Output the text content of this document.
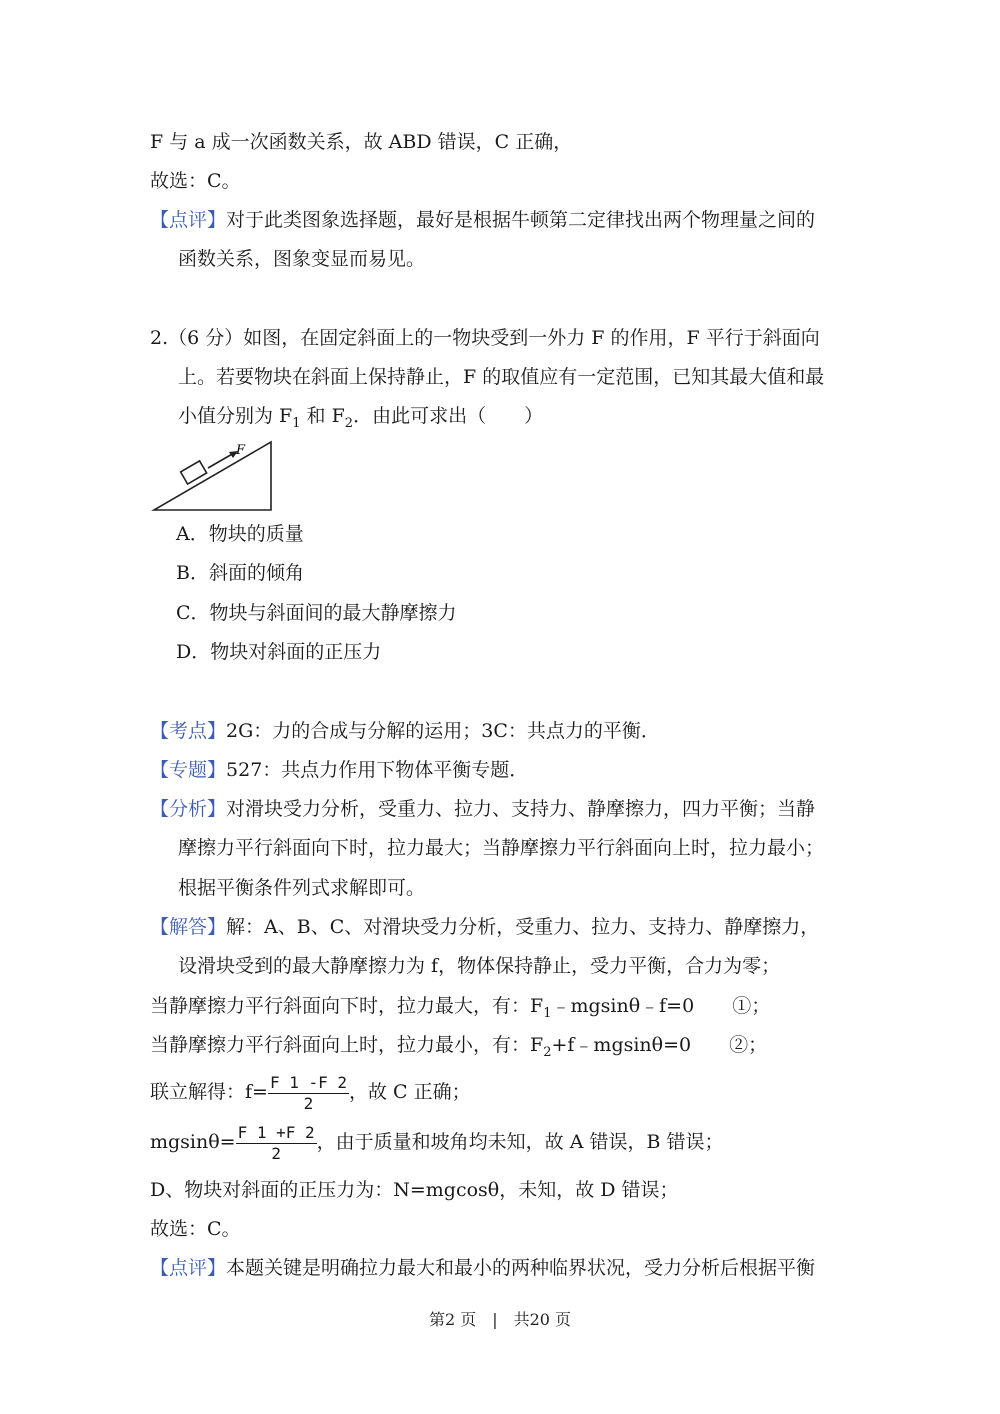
F 与 a 成一次函数关系，故 ABD 错误，C 正确，
故选：C。
【点评】对于此类图象选择题，最好是根据牛顿第二定律找出两个物理量之间的
函数关系，图象变显而易见。
2.（6 分）如图，在固定斜面上的一物块受到一外力 F 的作用，F 平行于斜面向
上。若要物块在斜面上保持静止，F 的取值应有一定范围，已知其最大值和最
小值分别为 $F_1$ 和 $F_2$．由此可求出（　　）
F
A．物块的质量
B．斜面的倾角
C．物块与斜面间的最大静摩擦力
D．物块对斜面的正压力
【考点】2G：力的合成与分解的运用；3C：共点力的平衡．
【专题】527：共点力作用下物体平衡专题．
【分析】对滑块受力分析，受重力、拉力、支持力、静摩擦力，四力平衡；当静
摩擦力平行斜面向下时，拉力最大；当静摩擦力平行斜面向上时，拉力最小；
根据平衡条件列式求解即可。
【解答】解：A、B、C、对滑块受力分析，受重力、拉力、支持力、静摩擦力，
设滑块受到的最大静摩擦力为 f，物体保持静止，受力平衡，合力为零；
当静摩擦力平行斜面向下时，拉力最大，有：$F_1﹣mgsin\theta﹣f=0$　　①；
当静摩擦力平行斜面向上时，拉力最小，有：$F_2+f﹣mgsin\theta=0$　　②；
联立解得：$f= \frac{F 1 -F 2}{2}$ ，故 C 正确；
$mgsin\theta= \frac{F 1 +F 2}{2}$ ，由于质量和坡角均未知，故 A 错误，B 错误；
D、物块对斜面的正压力为：N=mgcosθ，未知，故 D 错误；
故选：C。
【点评】本题关键是明确拉力最大和最小的两种临界状况，受力分析后根据平衡
第2 页　|　共20 页
